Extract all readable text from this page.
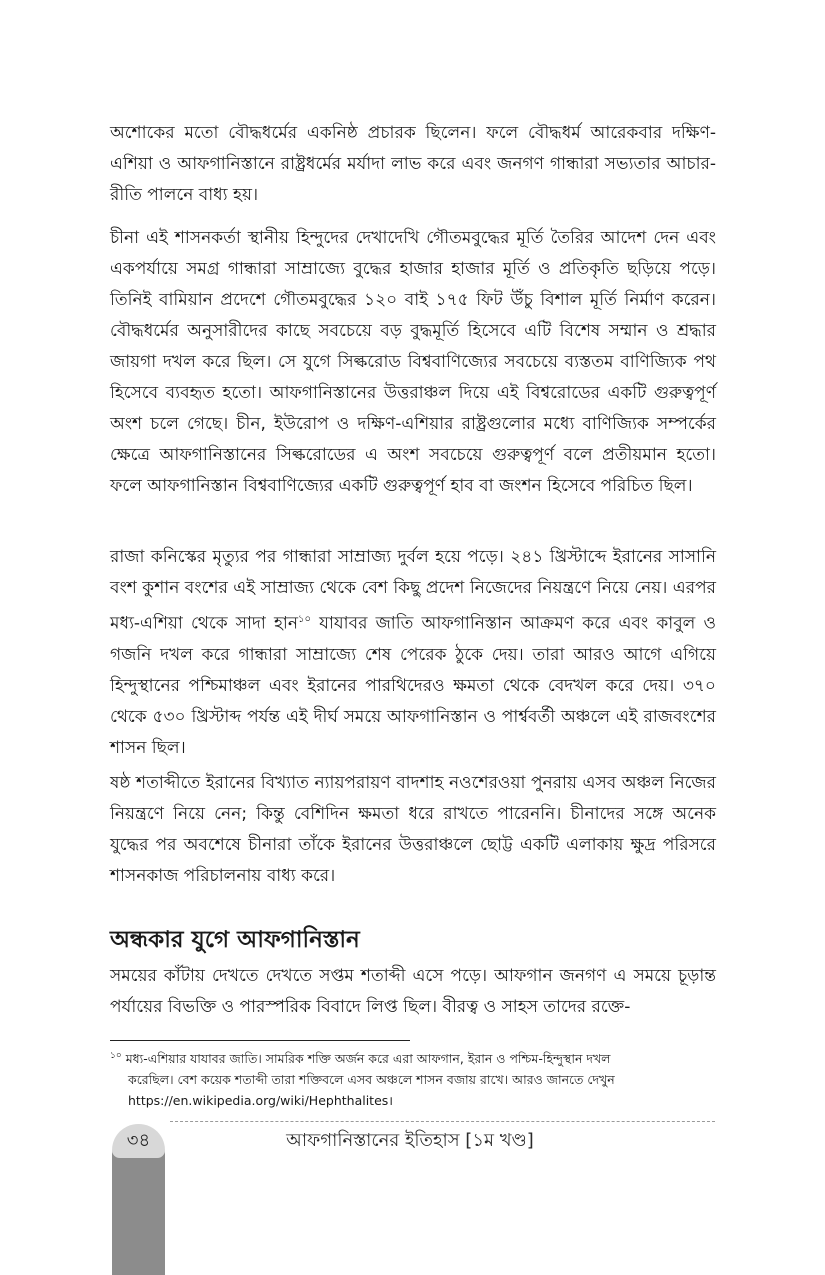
অশোকের মতো বৌদ্ধধর্মের একনিষ্ঠ প্রচারক ছিলেন। ফলে বৌদ্ধধর্ম আরেকবার দক্ষিণ-এশিয়া ও আফগানিস্তানে রাষ্ট্রধর্মের মর্যাদা লাভ করে এবং জনগণ গান্ধারা সভ্যতার আচার-রীতি পালনে বাধ্য হয়।

চীনা এই শাসনকর্তা স্থানীয় হিন্দুদের দেখাদেখি গৌতমবুদ্ধের মূর্তি তৈরির আদেশ দেন এবং একপর্যায়ে সমগ্র গান্ধারা সাম্রাজ্যে বুদ্ধের হাজার হাজার মূর্তি ও প্রতিকৃতি ছড়িয়ে পড়ে। তিনিই বামিয়ান প্রদেশে গৌতমবুদ্ধের ১২০ বাই ১৭৫ ফিট উঁচু বিশাল মূর্তি নির্মাণ করেন। বৌদ্ধধর্মের অনুসারীদের কাছে সবচেয়ে বড় বুদ্ধমূর্তি হিসেবে এটি বিশেষ সম্মান ও শ্রদ্ধার জায়গা দখল করে ছিল। সে যুগে সিল্করোড বিশ্ববাণিজ্যের সবচেয়ে ব্যস্ততম বাণিজ্যিক পথ হিসেবে ব্যবহৃত হতো। আফগানিস্তানের উত্তরাঞ্চল দিয়ে এই বিশ্বরোডের একটি গুরুত্বপূর্ণ অংশ চলে গেছে। চীন, ইউরোপ ও দক্ষিণ-এশিয়ার রাষ্ট্রগুলোর মধ্যে বাণিজ্যিক সম্পর্কের ক্ষেত্রে আফগানিস্তানের সিল্করোডের এ অংশ সবচেয়ে গুরুত্বপূর্ণ বলে প্রতীয়মান হতো। ফলে আফগানিস্তান বিশ্ববাণিজ্যের একটি গুরুত্বপূর্ণ হাব বা জংশন হিসেবে পরিচিত ছিল।

রাজা কনিস্কের মৃত্যুর পর গান্ধারা সাম্রাজ্য দুর্বল হয়ে পড়ে। ২৪১ খ্রিস্টাব্দে ইরানের সাসানি বংশ কুশান বংশের এই সাম্রাজ্য থেকে বেশ কিছু প্রদেশ নিজেদের নিয়ন্ত্রণে নিয়ে নেয়। এরপর মধ্য-এশিয়া থেকে সাদা হান$^{১০}$ যাযাবর জাতি আফগানিস্তান আক্রমণ করে এবং কাবুল ও গজনি দখল করে গান্ধারা সাম্রাজ্যে শেষ পেরেক ঠুকে দেয়। তারা আরও আগে এগিয়ে হিন্দুস্থানের পশ্চিমাঞ্চল এবং ইরানের পারথিদেরও ক্ষমতা থেকে বেদখল করে দেয়। ৩৭০ থেকে ৫৩০ খ্রিস্টাব্দ পর্যন্ত এই দীর্ঘ সময়ে আফগানিস্তান ও পার্শ্ববর্তী অঞ্চলে এই রাজবংশের শাসন ছিল।

ষষ্ঠ শতাব্দীতে ইরানের বিখ্যাত ন্যায়পরায়ণ বাদশাহ নওশেরওয়া পুনরায় এসব অঞ্চল নিজের নিয়ন্ত্রণে নিয়ে নেন; কিন্তু বেশিদিন ক্ষমতা ধরে রাখতে পারেননি। চীনাদের সঙ্গে অনেক যুদ্ধের পর অবশেষে চীনারা তাঁকে ইরানের উত্তরাঞ্চলে ছোট্ট একটি এলাকায় ক্ষুদ্র পরিসরে শাসনকাজ পরিচালনায় বাধ্য করে।

অন্ধকার যুগে আফগানিস্তান

সময়ের কাঁটায় দেখতে দেখতে সপ্তম শতাব্দী এসে পড়ে। আফগান জনগণ এ সময়ে চূড়ান্ত পর্যায়ের বিভক্তি ও পারস্পরিক বিবাদে লিপ্ত ছিল। বীরত্ব ও সাহস তাদের রক্তে-

$^{১০}$ মধ্য-এশিয়ার যাযাবর জাতি। সামরিক শক্তি অর্জন করে এরা আফগান, ইরান ও পশ্চিম-হিন্দুস্থান দখল
করেছিল। বেশ কয়েক শতাব্দী তারা শক্তিবলে এসব অঞ্চলে শাসন বজায় রাখে। আরও জানতে দেখুন
https://en.wikipedia.org/wiki/Hephthalites।
৩৪	আফগানিস্তানের ইতিহাস [১ম খণ্ড]
